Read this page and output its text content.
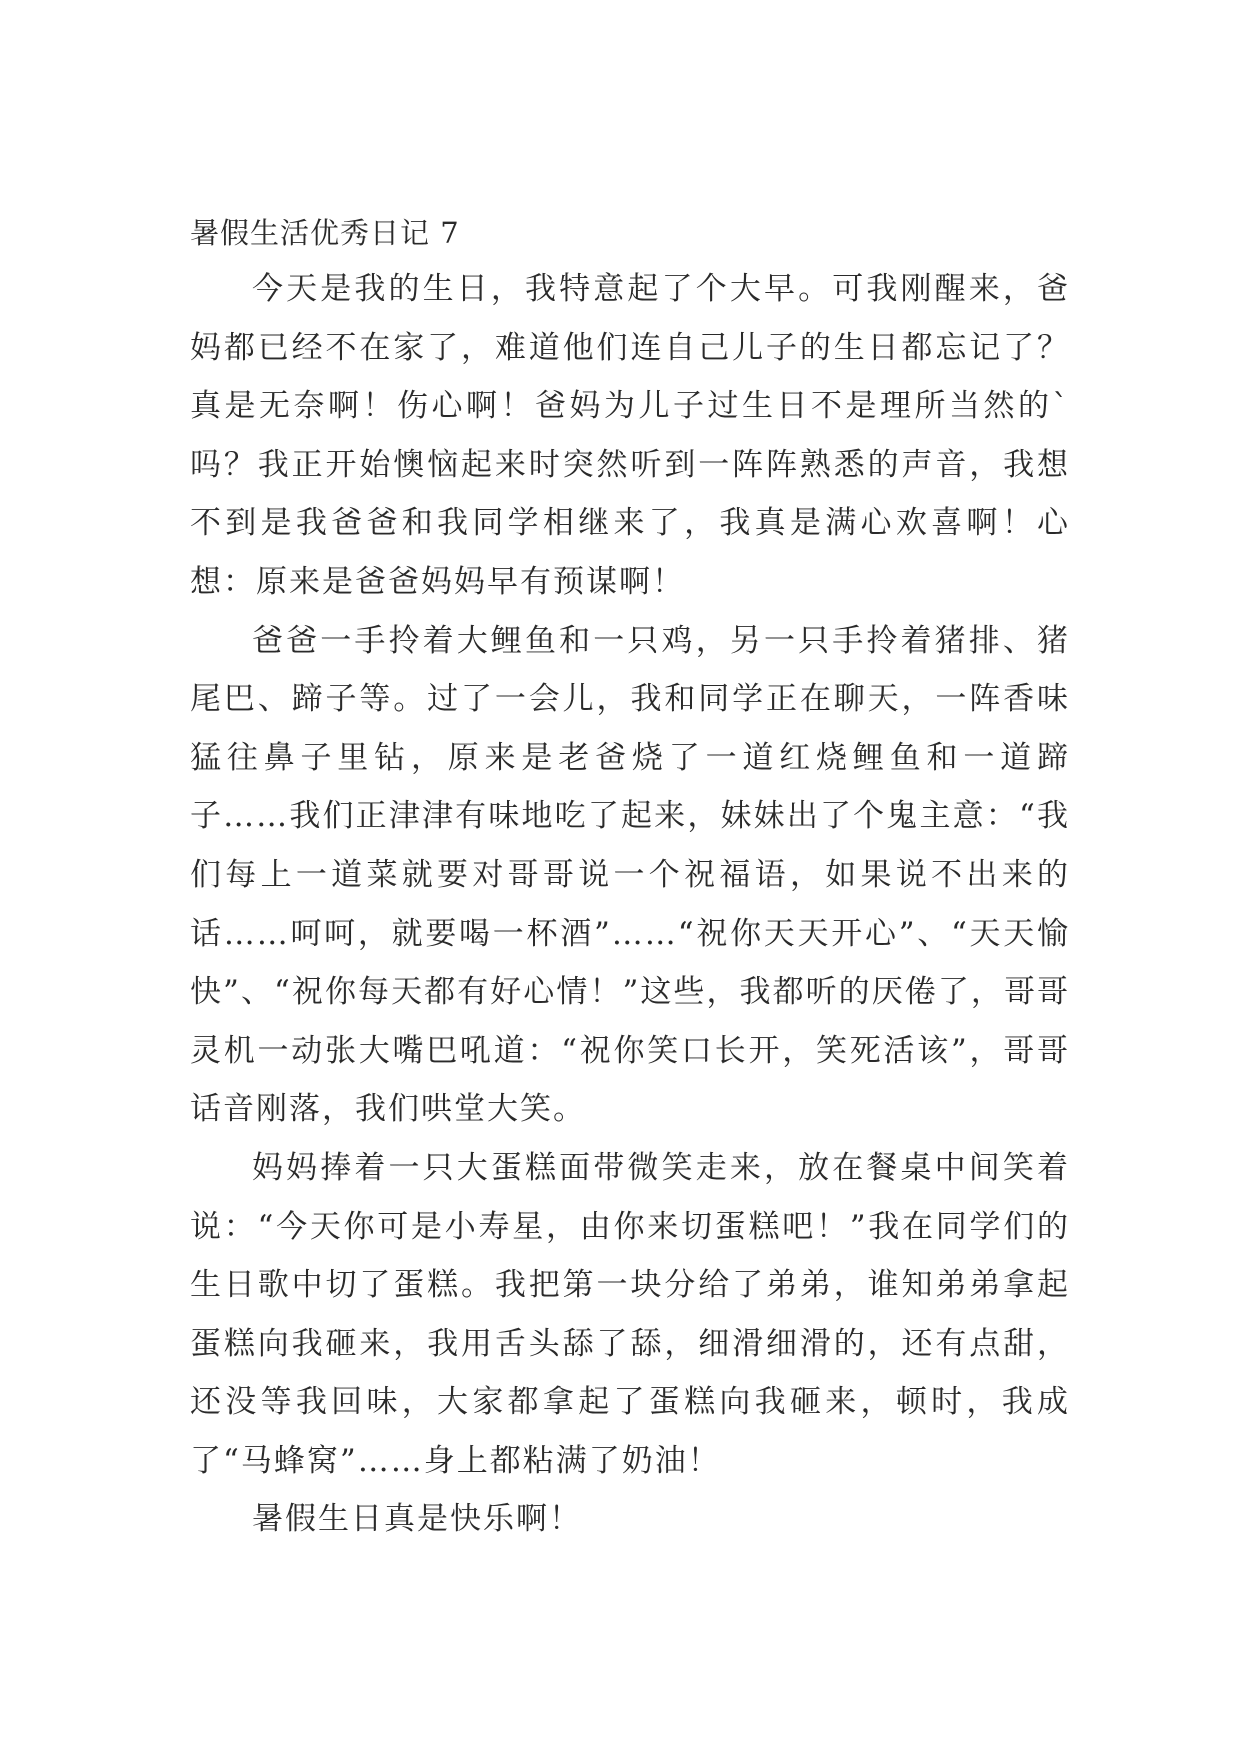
暑假生活优秀日记 7

今天是我的生日，我特意起了个大早。可我刚醒来，爸妈都已经不在家了，难道他们连自己儿子的生日都忘记了？真是无奈啊！伤心啊！爸妈为儿子过生日不是理所当然的`吗？我正开始懊恼起来时突然听到一阵阵熟悉的声音，我想不到是我爸爸和我同学相继来了，我真是满心欢喜啊！心想：原来是爸爸妈妈早有预谋啊！

爸爸一手拎着大鲤鱼和一只鸡，另一只手拎着猪排、猪尾巴、蹄子等。过了一会儿，我和同学正在聊天，一阵香味猛往鼻子里钻，原来是老爸烧了一道红烧鲤鱼和一道蹄子……我们正津津有味地吃了起来，妹妹出了个鬼主意：“我们每上一道菜就要对哥哥说一个祝福语，如果说不出来的话……呵呵，就要喝一杯酒”……“祝你天天开心”、“天天愉快”、“祝你每天都有好心情！”这些，我都听的厌倦了，哥哥灵机一动张大嘴巴吼道：“祝你笑口长开，笑死活该”，哥哥话音刚落，我们哄堂大笑。

妈妈捧着一只大蛋糕面带微笑走来，放在餐桌中间笑着说：“今天你可是小寿星，由你来切蛋糕吧！”我在同学们的生日歌中切了蛋糕。我把第一块分给了弟弟，谁知弟弟拿起蛋糕向我砸来，我用舌头舔了舔，细滑细滑的，还有点甜，还没等我回味，大家都拿起了蛋糕向我砸来，顿时，我成了“马蜂窝”……身上都粘满了奶油！

暑假生日真是快乐啊！
